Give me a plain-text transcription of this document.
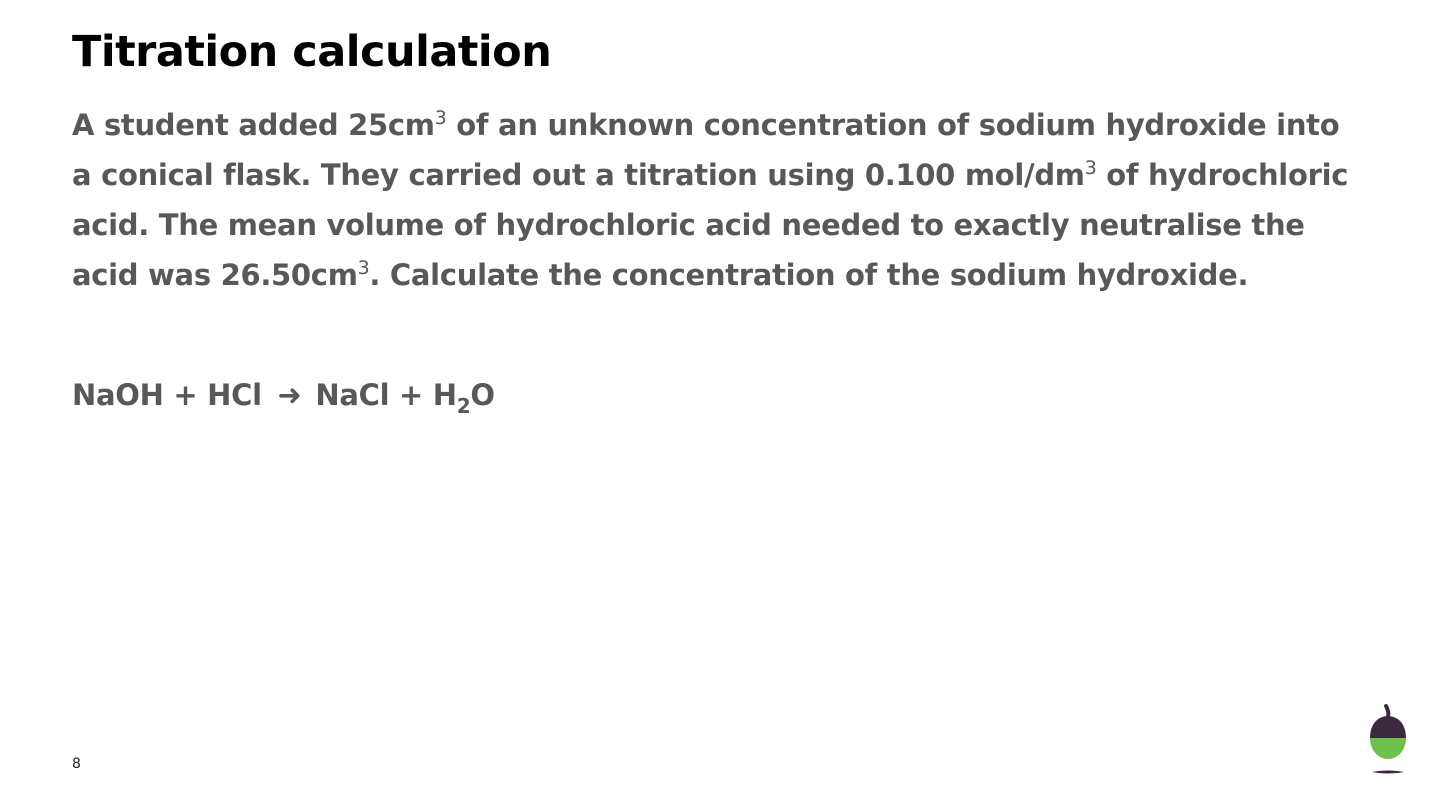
Titration calculation

A student added $25cm^3$ of an unknown concentration of sodium hydroxide into a conical flask. They carried out a titration using 0.100 mol/$dm^3$ of hydrochloric acid. The mean volume of hydrochloric acid needed to exactly neutralise the acid was $26.50cm^3$. Calculate the concentration of the sodium hydroxide.

NaOH + HCl ➜ NaCl + $H_2O$

8
